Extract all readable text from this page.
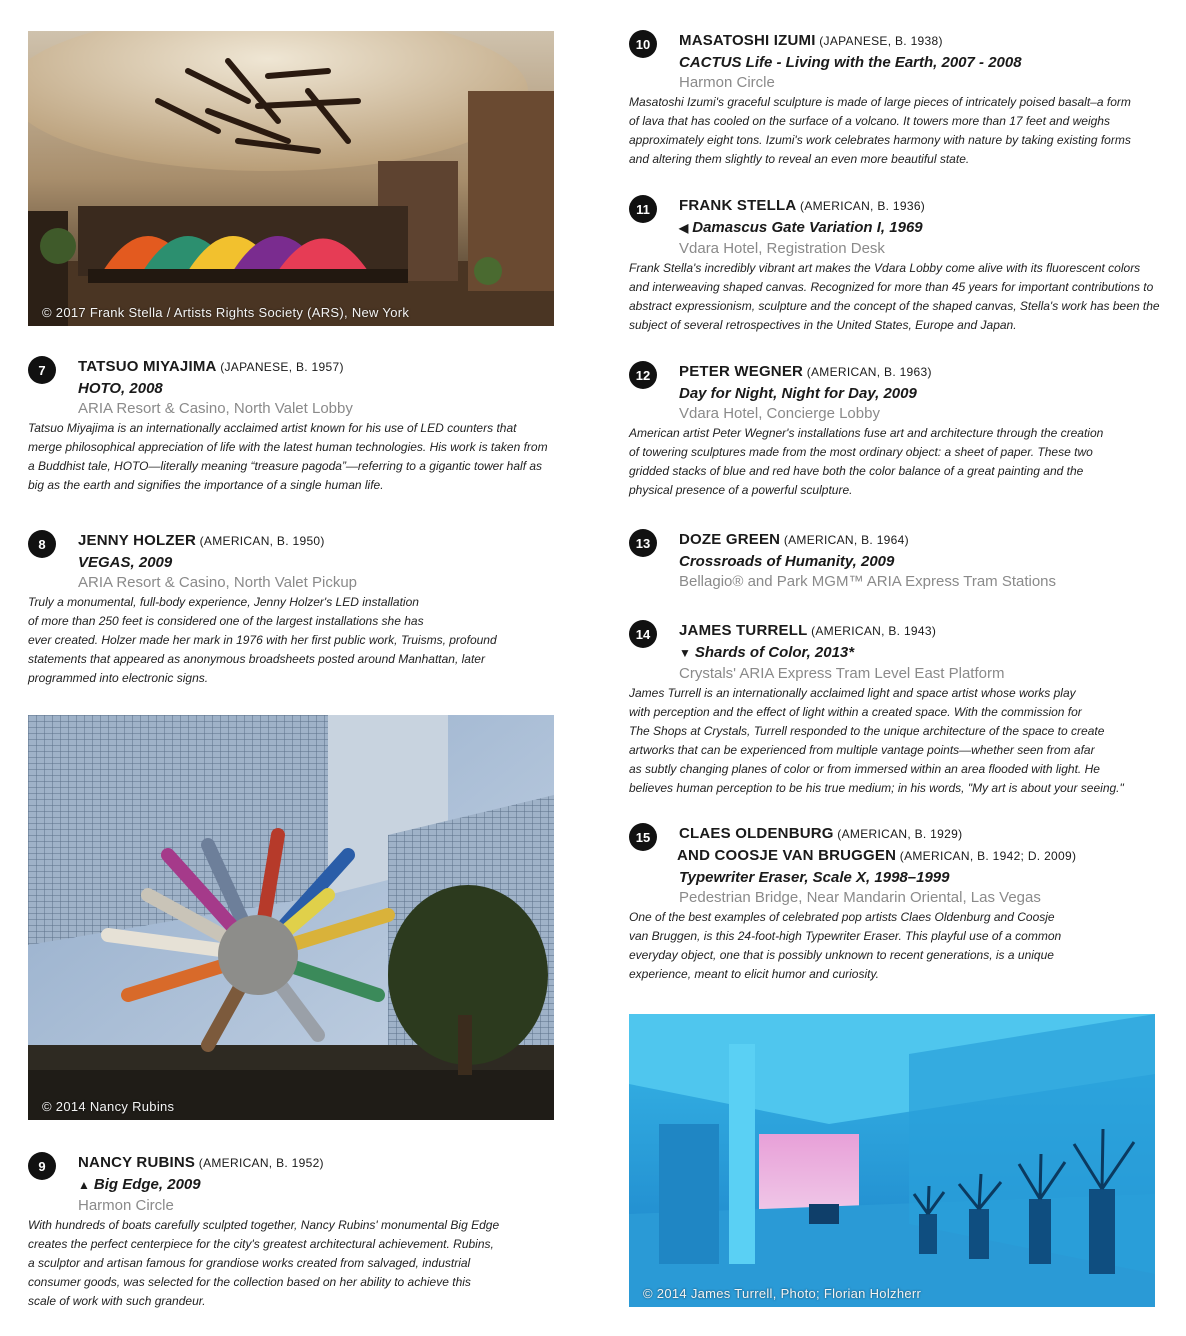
© 2017 Frank Stella / Artists Rights Society (ARS), New York
7	TATSUO MIYAJIMA (JAPANESE, B. 1957)
HOTO, 2008
ARIA Resort & Casino, North Valet Lobby
Tatsuo Miyajima is an internationally acclaimed artist known for his use of LED counters that
merge philosophical appreciation of life with the latest human technologies. His work is taken from
a Buddhist tale, HOTO—literally meaning “treasure pagoda”—referring to a gigantic tower half as
big as the earth and signifies the importance of a single human life.
8	JENNY HOLZER (AMERICAN, B. 1950)
VEGAS, 2009
ARIA Resort & Casino, North Valet Pickup
Truly a monumental, full-body experience, Jenny Holzer's LED installation
of more than 250 feet is considered one of the largest installations she has
ever created. Holzer made her mark in 1976 with her first public work, Truisms, profound
statements that appeared as anonymous broadsheets posted around Manhattan, later
programmed into electronic signs.
© 2014 Nancy Rubins
9	NANCY RUBINS (AMERICAN, B. 1952)
▲ Big Edge, 2009
Harmon Circle
With hundreds of boats carefully sculpted together, Nancy Rubins' monumental Big Edge
creates the perfect centerpiece for the city's greatest architectural achievement. Rubins,
a sculptor and artisan famous for grandiose works created from salvaged, industrial
consumer goods, was selected for the collection based on her ability to achieve this
scale of work with such grandeur.
10	MASATOSHI IZUMI (JAPANESE, B. 1938)
CACTUS Life - Living with the Earth, 2007 - 2008
Harmon Circle
Masatoshi Izumi's graceful sculpture is made of large pieces of intricately poised basalt–a form
of lava that has cooled on the surface of a volcano. It towers more than 17 feet and weighs
approximately eight tons. Izumi's work celebrates harmony with nature by taking existing forms
and altering them slightly to reveal an even more beautiful state.
11	FRANK STELLA (AMERICAN, B. 1936)
◀ Damascus Gate Variation I, 1969
Vdara Hotel, Registration Desk
Frank Stella's incredibly vibrant art makes the Vdara Lobby come alive with its fluorescent colors
and interweaving shaped canvas. Recognized for more than 45 years for important contributions to
abstract expressionism, sculpture and the concept of the shaped canvas, Stella's work has been the
subject of several retrospectives in the United States, Europe and Japan.
12	PETER WEGNER (AMERICAN, B. 1963)
Day for Night, Night for Day, 2009
Vdara Hotel, Concierge Lobby
American artist Peter Wegner's installations fuse art and architecture through the creation
of towering sculptures made from the most ordinary object: a sheet of paper. These two
gridded stacks of blue and red have both the color balance of a great painting and the
physical presence of a powerful sculpture.
13	DOZE GREEN (AMERICAN, B. 1964)
Crossroads of Humanity, 2009
Bellagio® and Park MGM™ ARIA Express Tram Stations
14	JAMES TURRELL (AMERICAN, B. 1943)
▼ Shards of Color, 2013*
Crystals' ARIA Express Tram Level East Platform
James Turrell is an internationally acclaimed light and space artist whose works play
with perception and the effect of light within a created space. With the commission for
The Shops at Crystals, Turrell responded to the unique architecture of the space to create
artworks that can be experienced from multiple vantage points—whether seen from afar
as subtly changing planes of color or from immersed within an area flooded with light. He
believes human perception to be his true medium; in his words, "My art is about your seeing."
15	CLAES OLDENBURG (AMERICAN, B. 1929)
AND COOSJE VAN BRUGGEN (AMERICAN, B. 1942; D. 2009)
Typewriter Eraser, Scale X, 1998–1999
Pedestrian Bridge, Near Mandarin Oriental, Las Vegas
One of the best examples of celebrated pop artists Claes Oldenburg and Coosje
van Bruggen, is this 24-foot-high Typewriter Eraser. This playful use of a common
everyday object, one that is possibly unknown to recent generations, is a unique
experience, meant to elicit humor and curiosity.
© 2014 James Turrell, Photo; Florian Holzherr
